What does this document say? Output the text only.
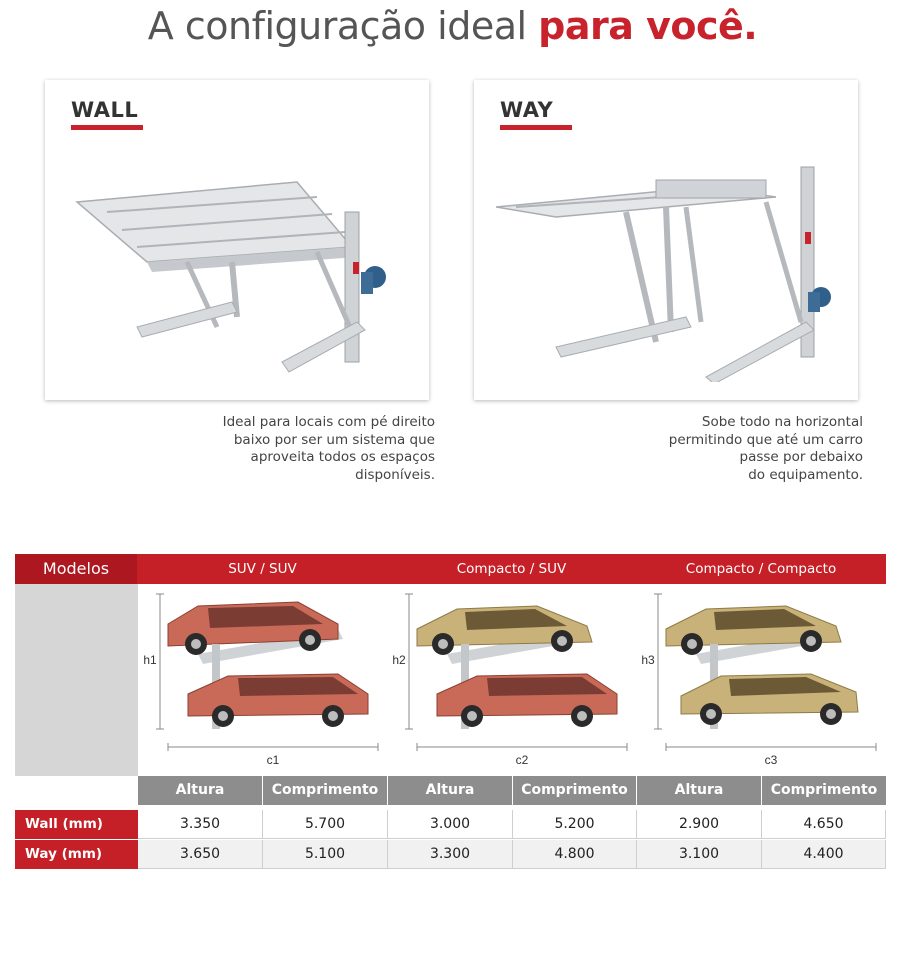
A configuração ideal para você.
WALL
Ideal para locais com pé direito
baixo por ser um sistema que
aproveita todos os espaços
disponíveis.
WAY
Sobe todo na horizontal
permitindo que até um carro
passe por debaixo
do equipamento.
Modelos	SUV / SUV	Compacto / SUV	Compacto / Compacto
h1
c1
h2
c2
h3
c3
Altura	Comprimento	Altura	Comprimento	Altura	Comprimento
Wall (mm)	3.350	5.700	3.000	5.200	2.900	4.650
Way (mm)	3.650	5.100	3.300	4.800	3.100	4.400
